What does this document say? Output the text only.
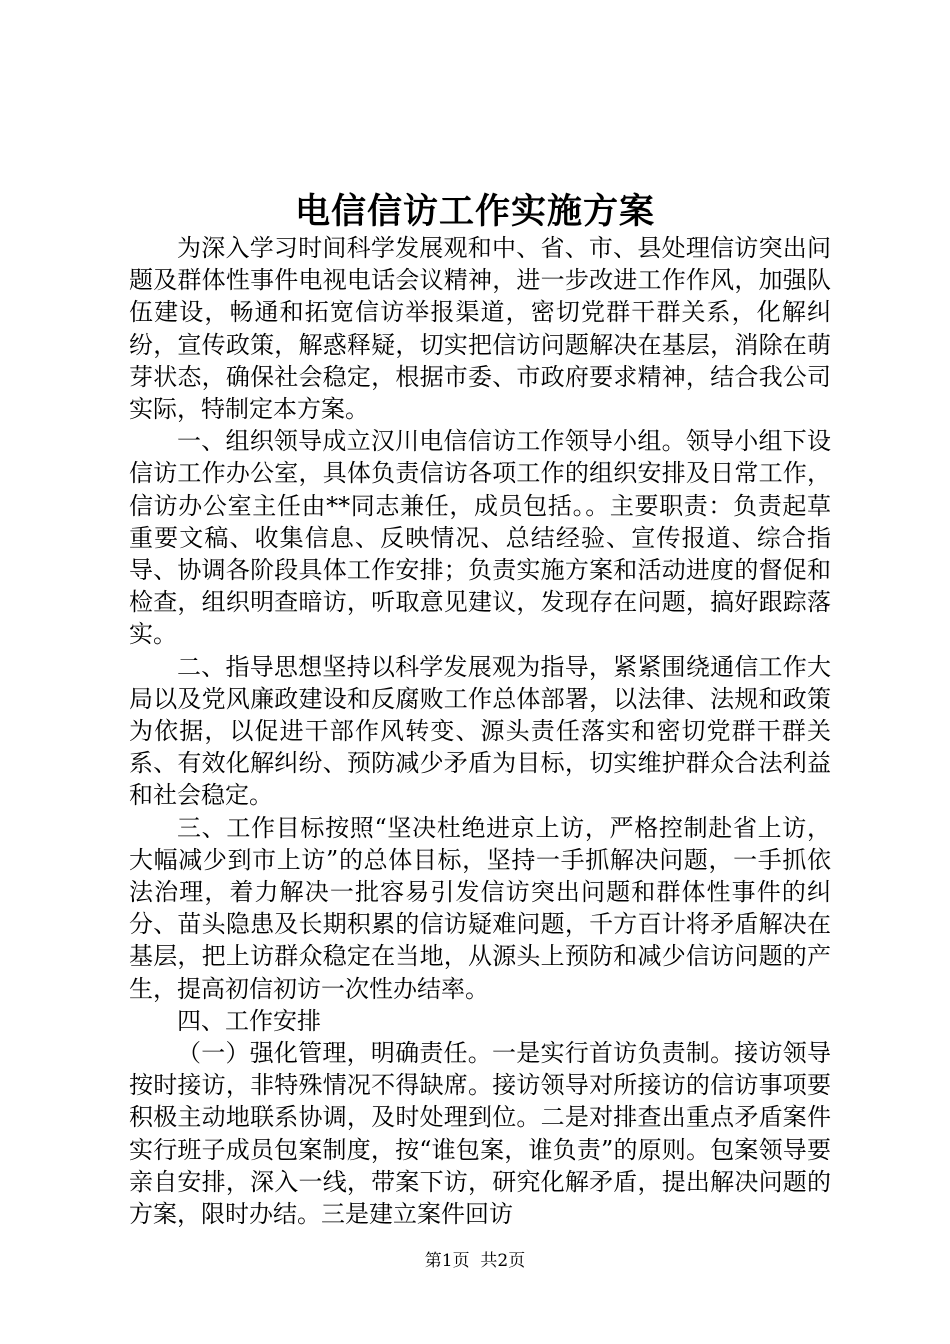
电信信访工作实施方案

为深入学习时间科学发展观和中、省、市、县处理信访突出问题及群体性事件电视电话会议精神，进一步改进工作作风，加强队伍建设，畅通和拓宽信访举报渠道，密切党群干群关系，化解纠纷，宣传政策，解惑释疑，切实把信访问题解决在基层，消除在萌芽状态，确保社会稳定，根据市委、市政府要求精神，结合我公司实际，特制定本方案。

一、组织领导成立汉川电信信访工作领导小组。领导小组下设信访工作办公室，具体负责信访各项工作的组织安排及日常工作，信访办公室主任由**同志兼任，成员包括。。主要职责：负责起草重要文稿、收集信息、反映情况、总结经验、宣传报道、综合指导、协调各阶段具体工作安排；负责实施方案和活动进度的督促和检查，组织明查暗访，听取意见建议，发现存在问题，搞好跟踪落实。

二、指导思想坚持以科学发展观为指导，紧紧围绕通信工作大局以及党风廉政建设和反腐败工作总体部署，以法律、法规和政策为依据，以促进干部作风转变、源头责任落实和密切党群干群关系、有效化解纠纷、预防减少矛盾为目标，切实维护群众合法利益和社会稳定。

三、工作目标按照“坚决杜绝进京上访，严格控制赴省上访，大幅减少到市上访”的总体目标，坚持一手抓解决问题，一手抓依法治理，着力解决一批容易引发信访突出问题和群体性事件的纠分、苗头隐患及长期积累的信访疑难问题，千方百计将矛盾解决在基层，把上访群众稳定在当地，从源头上预防和减少信访问题的产生，提高初信初访一次性办结率。

四、工作安排

（一）强化管理，明确责任。一是实行首访负责制。接访领导按时接访，非特殊情况不得缺席。接访领导对所接访的信访事项要积极主动地联系协调，及时处理到位。二是对排查出重点矛盾案件实行班子成员包案制度，按“谁包案，谁负责”的原则。包案领导要亲自安排，深入一线，带案下访，研究化解矛盾，提出解决问题的方案，限时办结。三是建立案件回访

第1页  共2页
